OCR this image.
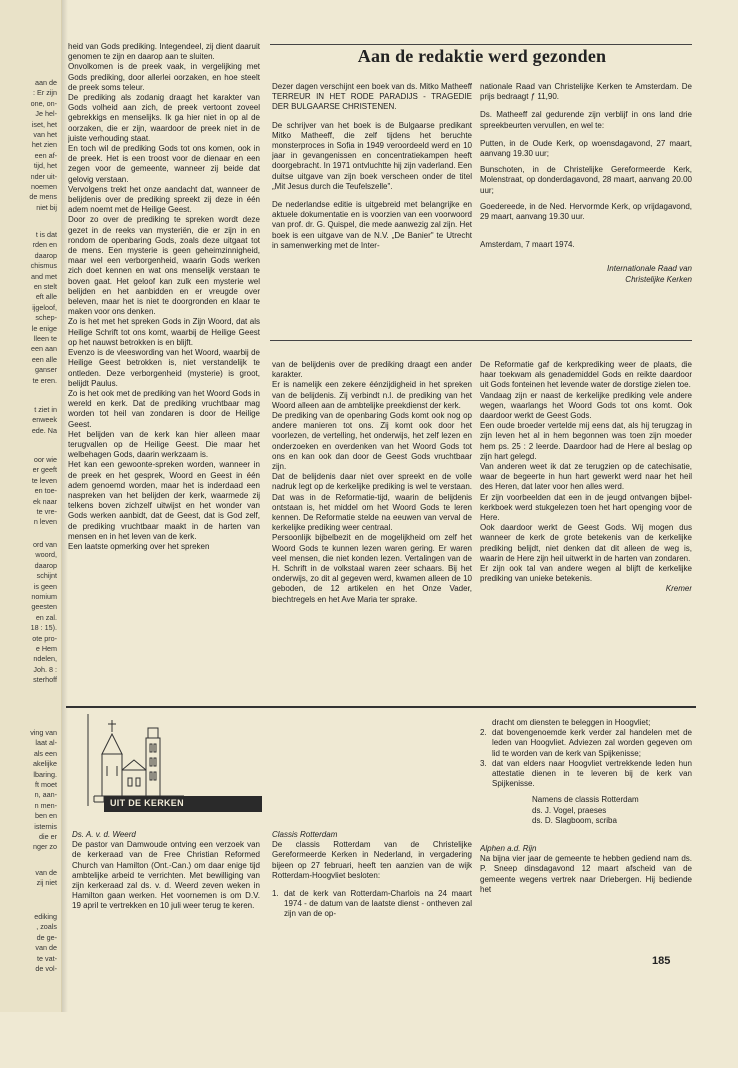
aan de
: Er zijn
one, on-
Je hel-
iset, het
van het
het zien
een af-
tijd, het
nder uit-
noemen
de mens
niet bij
t is dat
rden en
daarop
chismus
and met
en stelt
eft alle
ijgeloof,
schep-
le enige
lleen te
een aan
een alle
ganser
te eren.
t ziet in
enweek
ede. Na
oor wie
er geeft
te leven
en toe-
ek naar
te vre-
n leven
ord van
woord,
daarop
schijnt
is geen
nomium
geesten
en zal.
18 : 15).
ote pro-
e Hem
ndelen,
Joh. 8 :
sterhoff
ving van
laat al-
als een
akelijke
lbaring.
ft moet
n, aan-
n men-
ben en
isternis
die er
nger zo
van de
zij niet
ediking
, zoals
de ge-
van de
te vat-
de vol-

heid van Gods prediking. Integendeel, zij dient daaruit genomen te zijn en daarop aan te sluiten.

Onvolkomen is de preek vaak, in vergelijking met Gods prediking, door allerlei oorzaken, en hoe steelt de preek soms teleur.

De prediking als zodanig draagt het karakter van Gods volheid aan zich, de preek vertoont zoveel gebrekkigs en menselijks. Ik ga hier niet in op al de oorzaken, die er zijn, waardoor de preek niet in de juiste verhouding staat.

En toch wil de prediking Gods tot ons komen, ook in de preek. Het is een troost voor de dienaar en een zegen voor de gemeente, wanneer zij beide dat gelovig verstaan.

Vervolgens trekt het onze aandacht dat, wanneer de belijdenis over de prediking spreekt zij deze in één adem noemt met de Heilige Geest.

Door zo over de prediking te spreken wordt deze gezet in de reeks van mysteriën, die er zijn in en rondom de openbaring Gods, zoals deze uitgaat tot de mens. Een mysterie is geen geheimzinnigheid, maar wel een verborgenheid, waarin Gods werken zich doet kennen en wat ons menselijk verstaan te boven gaat. Het geloof kan zulk een mysterie wel belijden en het aanbidden en er vreugde over beleven, maar het is niet te doorgronden en klaar te maken voor ons denken.

Zo is het met het spreken Gods in Zijn Woord, dat als Heilige Schrift tot ons komt, waarbij de Heilige Geest op het nauwst betrokken is en blijft.

Evenzo is de vleeswording van het Woord, waarbij de Heilige Geest betrokken is, niet verstandelijk te ontleden. Deze verborgenheid (mysterie) is groot, belijdt Paulus.

Zo is het ook met de prediking van het Woord Gods in wereld en kerk. Dat de prediking vruchtbaar mag worden tot heil van zondaren is door de Heilige Geest.

Het belijden van de kerk kan hier alleen maar terugvallen op de Heilige Geest. Die maar het welbehagen Gods, daarin werkzaam is.

Het kan een gewoonte-spreken worden, wanneer in de preek en het gesprek, Woord en Geest in één adem genoemd worden, maar het is inderdaad een naspreken van het belijden der kerk, waarmede zij telkens boven zichzelf uitwijst en het wonder van Gods werken aanbidt, dat de Geest, dat is God zelf, de prediking vruchtbaar maakt in de harten van mensen en in het leven van de kerk.

Een laatste opmerking over het spreken

Aan de redaktie werd gezonden

Dezer dagen verschijnt een boek van ds. Mitko Matheeff TERREUR IN HET RODE PARADIJS - TRAGEDIE DER BULGAARSE CHRISTENEN.

De schrijver van het boek is de Bulgaarse predikant Mitko Matheeff, die zelf tijdens het beruchte monsterproces in Sofia in 1949 veroordeeld werd en 10 jaar in gevangenissen en concentratiekampen heeft doorgebracht. In 1971 ontvluchtte hij zijn vaderland. Een duitse uitgave van zijn boek verscheen onder de titel „Mit Jesus durch die Teufelszelle".

De nederlandse editie is uitgebreid met belangrijke en aktuele dokumentatie en is voorzien van een voorwoord van prof. dr. G. Quispel, die mede aanwezig zal zijn. Het boek is een uitgave van de N.V. „De Banier" te Utrecht in samenwerking met de Inter-

nationale Raad van Christelijke Kerken te Amsterdam. De prijs bedraagt ƒ 11,90.

Ds. Matheeff zal gedurende zijn verblijf in ons land drie spreekbeurten vervullen, en wel te:

Putten, in de Oude Kerk, op woensdagavond, 27 maart, aanvang 19.30 uur;

Bunschoten, in de Christelijke Gereformeerde Kerk, Molenstraat, op donderdagavond, 28 maart, aanvang 20.00 uur;

Goedereede, in de Ned. Hervormde Kerk, op vrijdagavond, 29 maart, aanvang 19.30 uur.

Amsterdam, 7 maart 1974.

Internationale Raad van

Christelijke Kerken

van de belijdenis over de prediking draagt een ander karakter.

Er is namelijk een zekere éénzijdigheid in het spreken van de belijdenis. Zij verbindt n.l. de prediking van het Woord alleen aan de ambtelijke preekdienst der kerk.

De prediking van de openbaring Gods komt ook nog op andere manieren tot ons. Zij komt ook door het voorlezen, de vertelling, het onderwijs, het zelf lezen en onderzoeken en overdenken van het Woord Gods tot ons en kan ook dan door de Geest Gods vruchtbaar zijn.

Dat de belijdenis daar niet over spreekt en de volle nadruk legt op de kerkelijke prediking is wel te verstaan. Dat was in de Reformatie-tijd, waarin de belijdenis ontstaan is, het middel om het Woord Gods te leren kennen. De Reformatie stelde na eeuwen van verval de kerkelijke prediking weer centraal.

Persoonlijk bijbelbezit en de mogelijkheid om zelf het Woord Gods te kunnen lezen waren gering. Er waren veel mensen, die niet konden lezen. Vertalingen van de H. Schrift in de volkstaal waren zeer schaars. Bij het onderwijs, zo dit al gegeven werd, kwamen alleen de 10 geboden, de 12 artikelen en het Onze Vader, biechtregels en het Ave Maria ter sprake.

De Reformatie gaf de kerkprediking weer de plaats, die haar toekwam als genademiddel Gods en reikte daardoor uit Gods fonteinen het levende water de dorstige zielen toe.

Vandaag zijn er naast de kerkelijke prediking vele andere wegen, waarlangs het Woord Gods tot ons komt. Ook daardoor werkt de Geest Gods.

Een oude broeder vertelde mij eens dat, als hij terugzag in zijn leven het al in hem begonnen was toen zijn moeder hem ps. 25 : 2 leerde. Daardoor had de Here al beslag op zijn hart gelegd.

Van anderen weet ik dat ze terugzien op de catechisatie, waar de begeerte in hun hart gewerkt werd naar het heil des Heren, dat later voor hen alles werd.

Er zijn voorbeelden dat een in de jeugd ontvangen bijbel-kerkboek werd stukgelezen toen het hart openging voor de Here.

Ook daardoor werkt de Geest Gods. Wij mogen dus wanneer de kerk de grote betekenis van de kerkelijke prediking belijdt, niet denken dat dit alleen de weg is, waarin de Here zijn heil uitwerkt in de harten van zondaren.

Er zijn ook tal van andere wegen al blijft de kerkelijke prediking van unieke betekenis.

Kremer

UIT DE KERKEN

Ds. A. v. d. Weerd

De pastor van Damwoude ontving een verzoek van de kerkeraad van de Free Christian Reformed Church van Hamilton (Ont.-Can.) om daar enige tijd ambtelijke arbeid te verrichten. Met bewilliging van zijn kerkeraad zal ds. v. d. Weerd zeven weken in Hamilton gaan werken. Het voornemen is om D.V. 19 april te vertrekken en 10 juli weer terug te keren.

Classis Rotterdam

De classis Rotterdam van de Christelijke Gereformeerde Kerken in Nederland, in vergadering bijeen op 27 februari, heeft ten aanzien van de wijk Rotterdam-Hoogvliet besloten:

1. dat de kerk van Rotterdam-Charlois na 24 maart 1974 - de datum van de laatste dienst - ontheven zal zijn van de op-

dracht om diensten te beleggen in Hoogvliet;

2. dat bovengenoemde kerk verder zal handelen met de leden van Hoogvliet. Adviezen zal worden gegeven om lid te worden van de kerk van Spijkenisse;
3. dat van elders naar Hoogvliet vertrekkende leden hun attestatie dienen in te leveren bij de kerk van Spijkenisse.

Namens de classis Rotterdam

ds. J. Vogel, praeses

ds. D. Slagboom, scriba

Alphen a.d. Rijn

Na bijna vier jaar de gemeente te hebben gediend nam ds. P. Sneep dinsdagavond 12 maart afscheid van de gemeente wegens vertrek naar Driebergen. Hij bediende het

185
